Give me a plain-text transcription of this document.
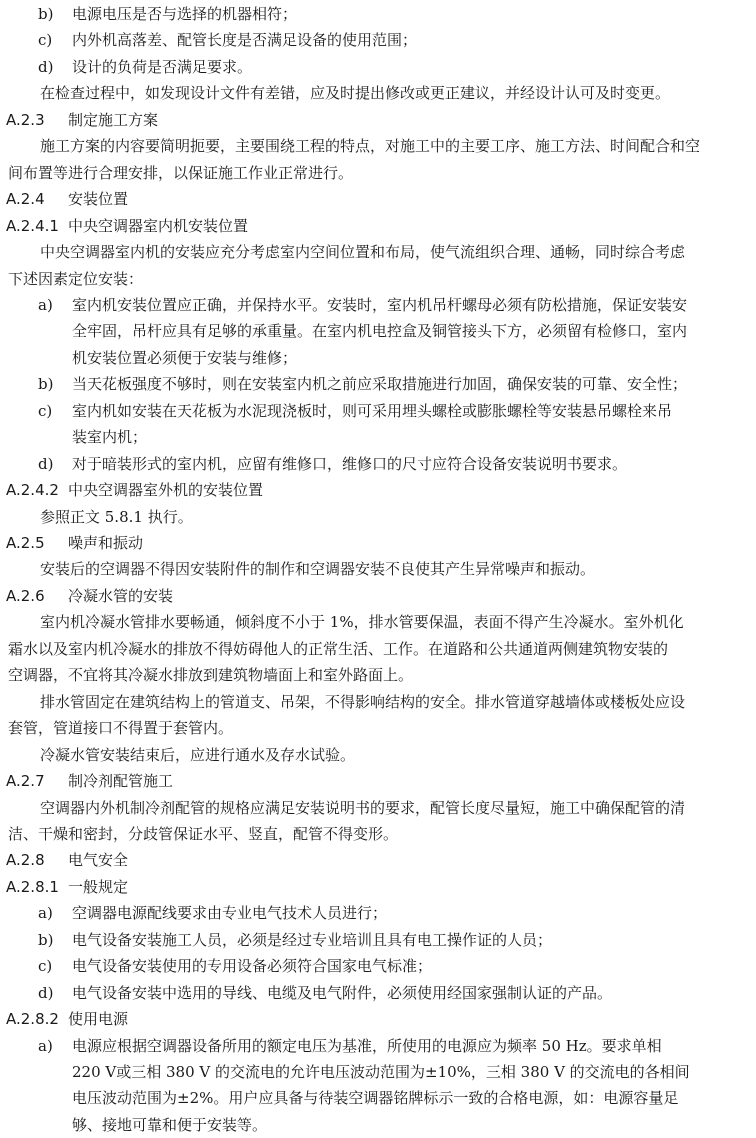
b) 电源电压是否与选择的机器相符；
c) 内外机高落差、配管长度是否满足设备的使用范围；
d) 设计的负荷是否满足要求。
在检查过程中，如发现设计文件有差错，应及时提出修改或更正建议，并经设计认可及时变更。
A.2.3 制定施工方案
施工方案的内容要简明扼要，主要围绕工程的特点，对施工中的主要工序、施工方法、时间配合和空
间布置等进行合理安排，以保证施工作业正常进行。
A.2.4 安装位置
A.2.4.1 中央空调器室内机安装位置
中央空调器室内机的安装应充分考虑室内空间位置和布局，使气流组织合理、通畅，同时综合考虑
下述因素定位安装：
a) 室内机安装位置应正确，并保持水平。安装时，室内机吊杆螺母必须有防松措施，保证安装安
全牢固，吊杆应具有足够的承重量。在室内机电控盒及铜管接头下方，必须留有检修口，室内
机安装位置必须便于安装与维修；
b) 当天花板强度不够时，则在安装室内机之前应采取措施进行加固，确保安装的可靠、安全性；
c) 室内机如安装在天花板为水泥现浇板时，则可采用埋头螺栓或膨胀螺栓等安装悬吊螺栓来吊
装室内机；
d) 对于暗装形式的室内机，应留有维修口，维修口的尺寸应符合设备安装说明书要求。
A.2.4.2 中央空调器室外机的安装位置
参照正文 5.8.1 执行。
A.2.5 噪声和振动
安装后的空调器不得因安装附件的制作和空调器安装不良使其产生异常噪声和振动。
A.2.6 冷凝水管的安装
室内机冷凝水管排水要畅通，倾斜度不小于 1%，排水管要保温，表面不得产生冷凝水。室外机化
霜水以及室内机冷凝水的排放不得妨碍他人的正常生活、工作。在道路和公共通道两侧建筑物安装的
空调器，不宜将其冷凝水排放到建筑物墙面上和室外路面上。
排水管固定在建筑结构上的管道支、吊架，不得影响结构的安全。排水管道穿越墙体或楼板处应设
套管，管道接口不得置于套管内。
冷凝水管安装结束后，应进行通水及存水试验。
A.2.7 制冷剂配管施工
空调器内外机制冷剂配管的规格应满足安装说明书的要求，配管长度尽量短，施工中确保配管的清
洁、干燥和密封，分歧管保证水平、竖直，配管不得变形。
A.2.8 电气安全
A.2.8.1 一般规定
a) 空调器电源配线要求由专业电气技术人员进行；
b) 电气设备安装施工人员，必须是经过专业培训且具有电工操作证的人员；
c) 电气设备安装使用的专用设备必须符合国家电气标准；
d) 电气设备安装中选用的导线、电缆及电气附件，必须使用经国家强制认证的产品。
A.2.8.2 使用电源
a) 电源应根据空调器设备所用的额定电压为基准，所使用的电源应为频率 50 Hz。要求单相
220 V或三相 380 V 的交流电的允许电压波动范围为±10%，三相 380 V 的交流电的各相间
电压波动范围为±2%。用户应具备与待装空调器铭牌标示一致的合格电源，如：电源容量足
够、接地可靠和便于安装等。
